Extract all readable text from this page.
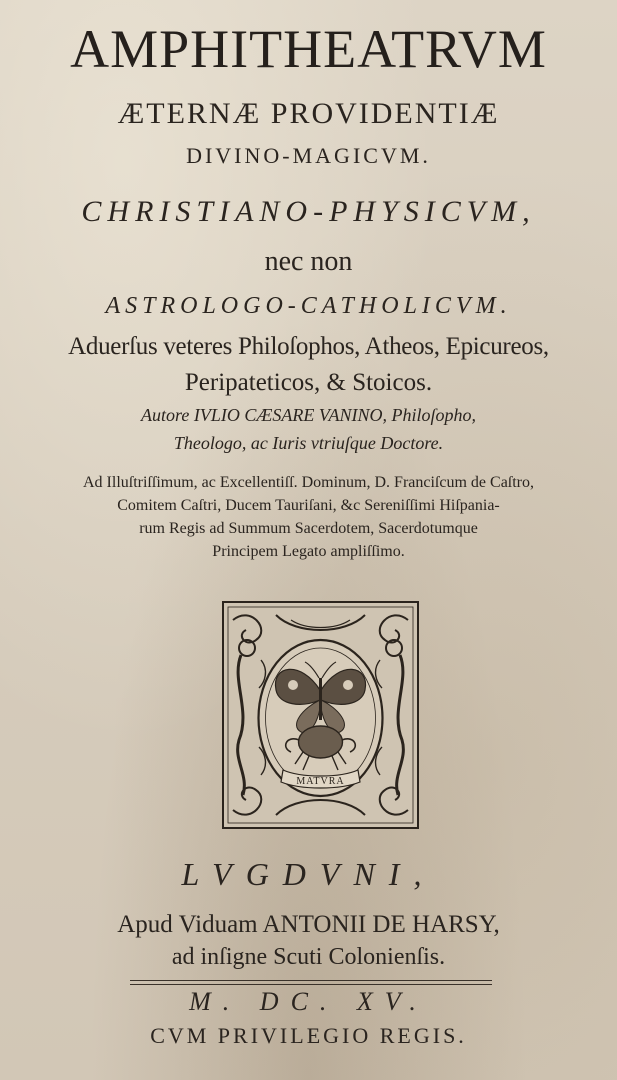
AMPHITHEATRVM
ÆTERNÆ PROVIDENTIÆ
DIVINO-MAGICVM.
CHRISTIANO-PHYSICVM,
nec non
ASTROLOGO-CATHOLICVM.
Aduerſus veteres Philoſophos, Atheos, Epicureos,
Peripateticos, & Stoicos.
Autore IVLIO CÆSARE VANINO, Philoſopho,
Theologo, ac Iuris vtriuſque Doctore.
Ad Illuſtriſſimum, ac Excellentiſſ. Dominum, D. Franciſcum de Caſtro,
Comitem Caſtri, Ducem Tauriſani, &c Sereniſſimi Hiſpania-
rum Regis ad Summum Sacerdotem, Sacerdotumque
Principem Legato ampliſſimo.
MATVRA
LVGDVNI,
Apud Viduam ANTONII DE HARSY,
ad inſigne Scuti Colonienſis.
M. DC. XV.
CVM PRIVILEGIO REGIS.
